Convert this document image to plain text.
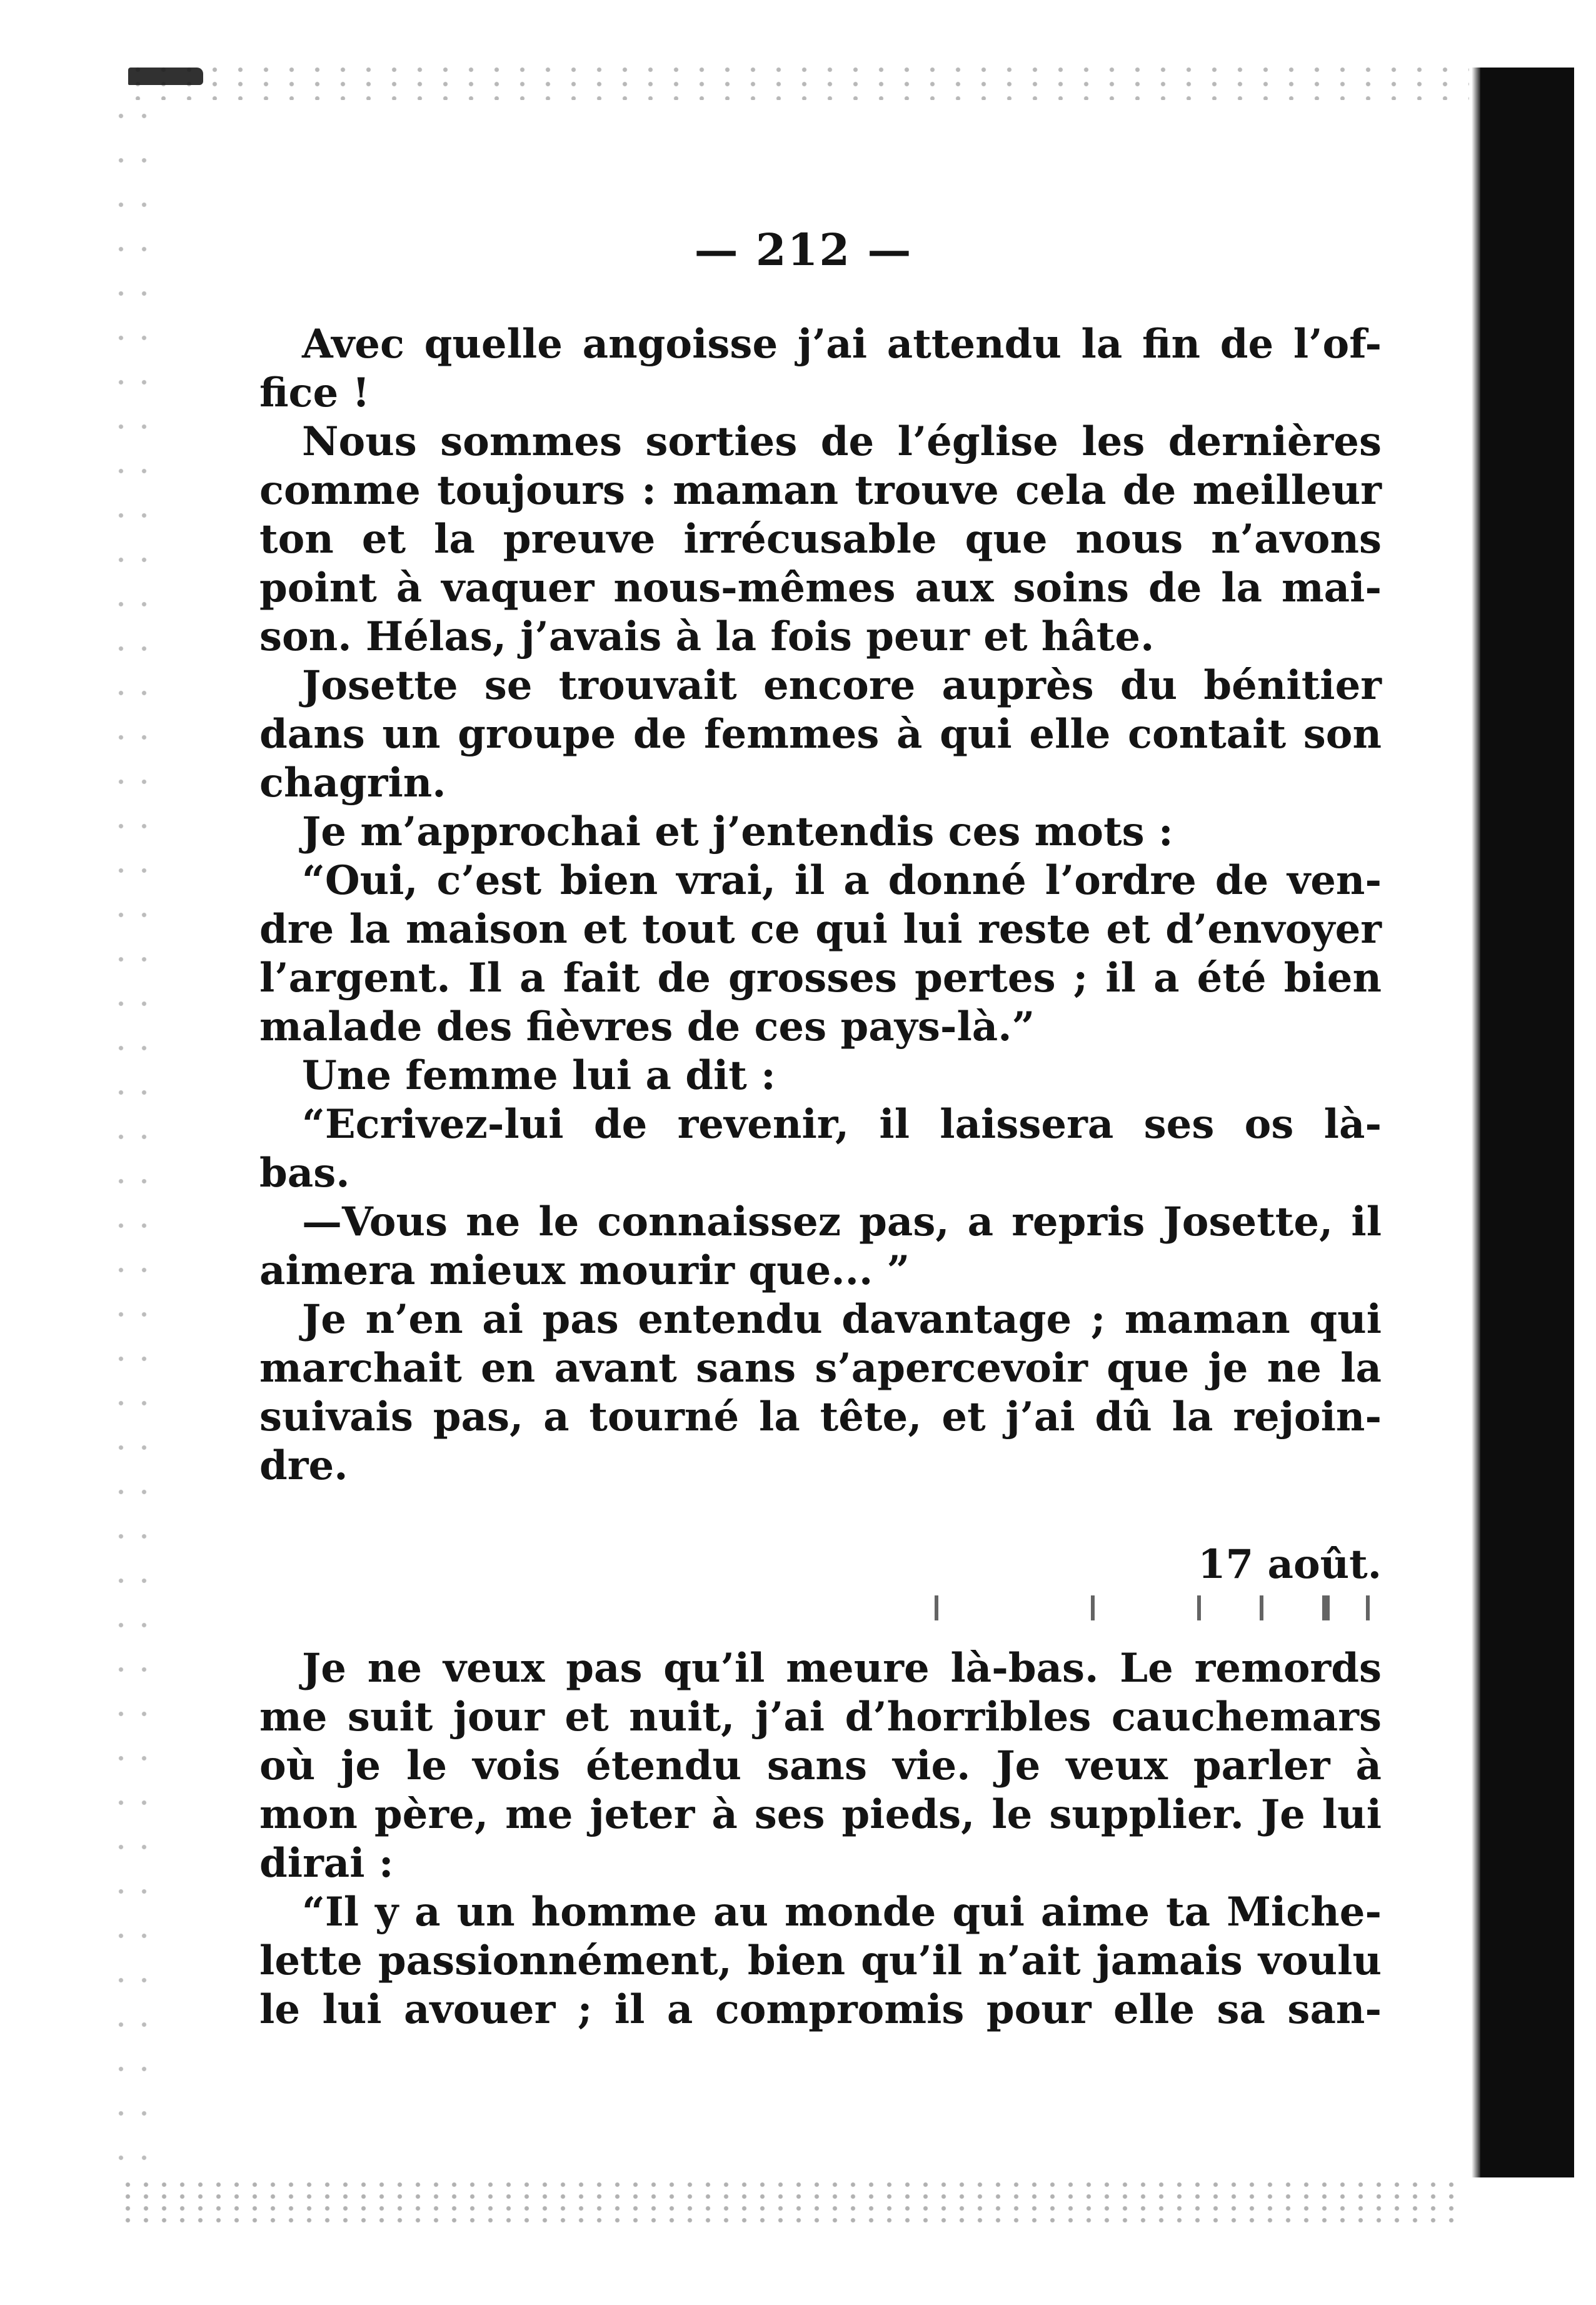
— 212 —
Avec quelle angoisse j’ai attendu la fin de l’of-
fice !
Nous sommes sorties de l’église les dernières
comme toujours : maman trouve cela de meilleur
ton et la preuve irrécusable que nous n’avons
point à vaquer nous-mêmes aux soins de la mai-
son. Hélas, j’avais à la fois peur et hâte.
Josette se trouvait encore auprès du bénitier
dans un groupe de femmes à qui elle contait son
chagrin.
Je m’approchai et j’entendis ces mots :
“Oui, c’est bien vrai, il a donné l’ordre de ven-
dre la maison et tout ce qui lui reste et d’envoyer
l’argent. Il a fait de grosses pertes ; il a été bien
malade des fièvres de ces pays-là.”
Une femme lui a dit :
“Ecrivez-lui de revenir, il laissera ses os là-
bas.
—Vous ne le connaissez pas, a repris Josette, il
aimera mieux mourir que... ”
Je n’en ai pas entendu davantage ; maman qui
marchait en avant sans s’apercevoir que je ne la
suivais pas, a tourné la tête, et j’ai dû la rejoin-
dre.
17 août.
Je ne veux pas qu’il meure là-bas. Le remords
me suit jour et nuit, j’ai d’horribles cauchemars
où je le vois étendu sans vie. Je veux parler à
mon père, me jeter à ses pieds, le supplier. Je lui
dirai :
“Il y a un homme au monde qui aime ta Miche-
lette passionnément, bien qu’il n’ait jamais voulu
le lui avouer ; il a compromis pour elle sa san-
